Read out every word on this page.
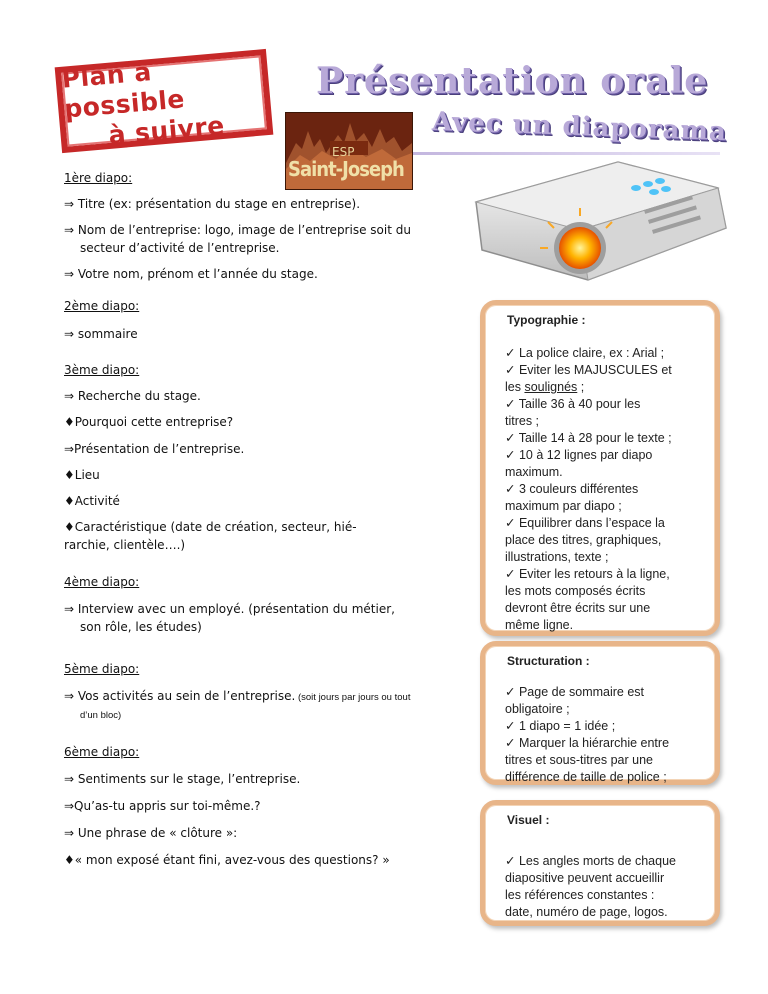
Plan à possible
à suivre
Présentation orale
Avec un diaporama
ESP
Saint-Joseph
1ère diapo:
⇒ Titre (ex: présentation du stage en entreprise).
⇒ Nom de l’entreprise: logo, image de l’entreprise soit du
secteur d’activité de l’entreprise.
⇒ Votre nom, prénom et l’année du stage.
2ème diapo:
⇒ sommaire
3ème diapo:
⇒ Recherche du stage.
♦Pourquoi cette entreprise?
⇒Présentation de l’entreprise.
♦Lieu
♦Activité
♦Caractéristique (date de création, secteur, hié-
rarchie, clientèle….)
4ème diapo:
⇒ Interview avec un employé. (présentation du métier,
son rôle, les études)
5ème diapo:
⇒ Vos activités au sein de l’entreprise. (soit jours par jours ou tout
d’un bloc)
6ème diapo:
⇒ Sentiments sur le stage, l’entreprise.
⇒Qu’as-tu appris sur toi-même.?
⇒ Une phrase de « clôture »:
♦« mon exposé étant fini, avez-vous des questions? »
Typographie :
✓ La police claire, ex : Arial ;
✓ Eviter les MAJUSCULES et
les soulignés ;
✓ Taille 36 à 40 pour les
titres ;
✓ Taille 14 à 28 pour le texte ;
✓ 10 à 12 lignes par diapo
maximum.
✓ 3 couleurs différentes
maximum par diapo ;
✓ Equilibrer dans l’espace la
place des titres, graphiques,
illustrations, texte ;
✓ Eviter les retours à la ligne,
les mots composés écrits
devront être écrits sur une
même ligne.
Structuration :
✓ Page de sommaire est
obligatoire ;
✓ 1 diapo = 1 idée ;
✓ Marquer la hiérarchie entre
titres et sous-titres par une
différence de taille de police ;
Visuel :
✓ Les angles morts de chaque
diapositive peuvent accueillir
les références constantes :
date, numéro de page, logos.
